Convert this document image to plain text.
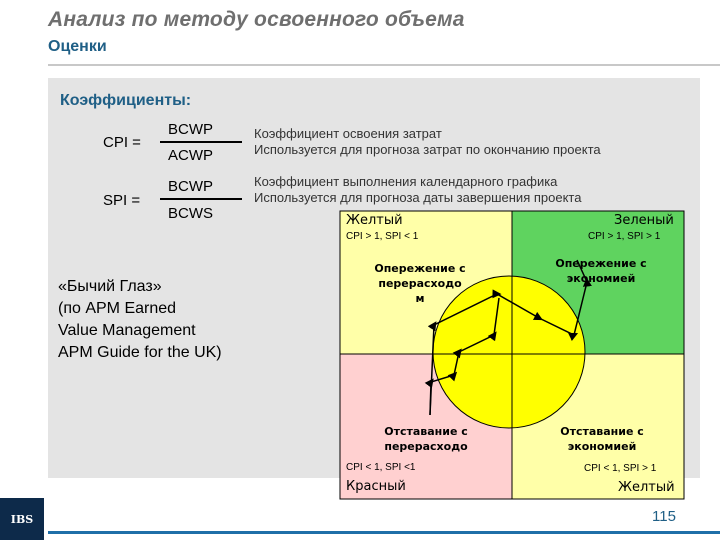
Анализ по методу освоенного объема
Оценки
Коэффициенты:
CPI =
BCWP
ACWP
Коэффициент освоения затрат
Используется для прогноза затрат по окончанию проекта
SPI =
BCWP
BCWS
Коэффициент выполнения календарного графика
Используется для прогноза даты завершения проекта
«Бычий Глаз»
(по APM Earned
Value Management
APM Guide for the UK)
Желтый
CPI > 1, SPI < 1
Опережение с
перерасходо
м
Зеленый
CPI > 1, SPI > 1
Опережение с
экономией
Отставание с
перерасходо
CPI < 1, SPI <1
Красный
Отставание с
экономией
CPI < 1, SPI > 1
Желтый
IBS	115
